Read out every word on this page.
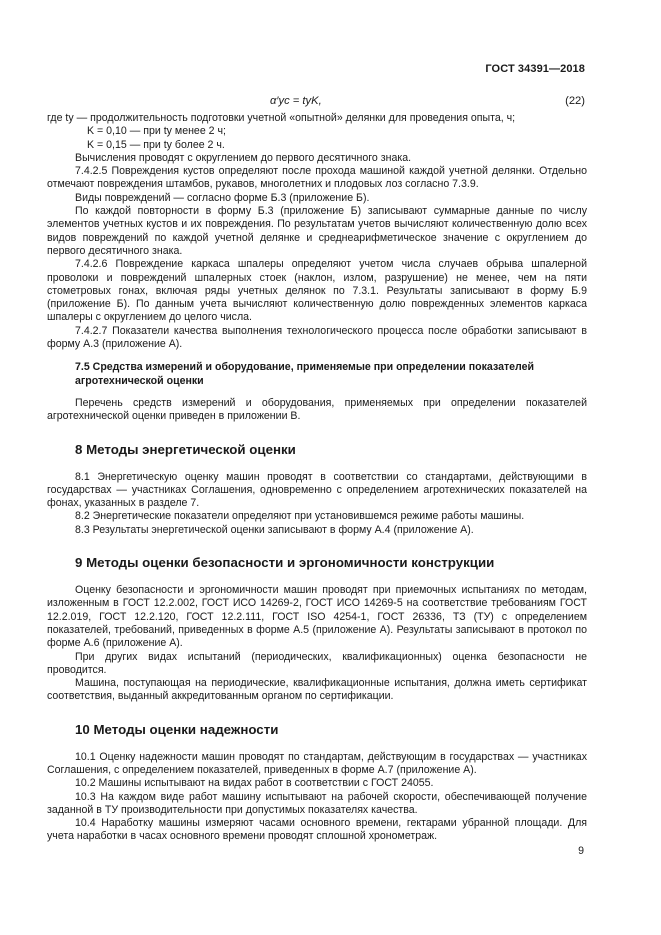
ГОСТ 34391—2018
α′ус = tуK,	(22)

где tу — продолжительность подготовки учетной «опытной» делянки для проведения опыта, ч;

K = 0,10 — при tу менее 2 ч;

K = 0,15 — при tу более 2 ч.

Вычисления проводят с округлением до первого десятичного знака.

7.4.2.5 Повреждения кустов определяют после прохода машиной каждой учетной делянки. Отдельно отмечают повреждения штамбов, рукавов, многолетних и плодовых лоз согласно 7.3.9.

Виды повреждений — согласно форме Б.3 (приложение Б).

По каждой повторности в форму Б.3 (приложение Б) записывают суммарные данные по числу элементов учетных кустов и их повреждения. По результатам учетов вычисляют количественную долю всех видов повреждений по каждой учетной делянке и среднеарифметическое значение с округлением до первого десятичного знака.

7.4.2.6 Повреждение каркаса шпалеры определяют учетом числа случаев обрыва шпалерной проволоки и повреждений шпалерных стоек (наклон, излом, разрушение) не менее, чем на пяти стометровых гонах, включая ряды учетных делянок по 7.3.1. Результаты записывают в форму Б.9 (приложение Б). По данным учета вычисляют количественную долю поврежденных элементов каркаса шпалеры с округлением до целого числа.

7.4.2.7 Показатели качества выполнения технологического процесса после обработки записывают в форму А.3 (приложение А).

7.5 Средства измерений и оборудование, применяемые при определении показателей агротехнической оценки

Перечень средств измерений и оборудования, применяемых при определении показателей агротехнической оценки приведен в приложении В.

8 Методы энергетической оценки

8.1 Энергетическую оценку машин проводят в соответствии со стандартами, действующими в государствах — участниках Соглашения, одновременно с определением агротехнических показателей на фонах, указанных в разделе 7.

8.2 Энергетические показатели определяют при установившемся режиме работы машины.

8.3 Результаты энергетической оценки записывают в форму А.4 (приложение А).

9 Методы оценки безопасности и эргономичности конструкции

Оценку безопасности и эргономичности машин проводят при приемочных испытаниях по методам, изложенным в ГОСТ 12.2.002, ГОСТ ИСО 14269-2, ГОСТ ИСО 14269-5 на соответствие требованиям ГОСТ 12.2.019, ГОСТ 12.2.120, ГОСТ 12.2.111, ГОСТ ISO 4254-1, ГОСТ 26336, ТЗ (ТУ) с определением показателей, требований, приведенных в форме А.5 (приложение А). Результаты записывают в протокол по форме А.6 (приложение А).

При других видах испытаний (периодических, квалификационных) оценка безопасности не проводится.

Машина, поступающая на периодические, квалификационные испытания, должна иметь сертификат соответствия, выданный аккредитованным органом по сертификации.

10 Методы оценки надежности

10.1 Оценку надежности машин проводят по стандартам, действующим в государствах — участниках Соглашения, с определением показателей, приведенных в форме А.7 (приложение А).

10.2 Машины испытывают на видах работ в соответствии с ГОСТ 24055.

10.3 На каждом виде работ машину испытывают на рабочей скорости, обеспечивающей получение заданной в ТУ производительности при допустимых показателях качества.

10.4 Наработку машины измеряют часами основного времени, гектарами убранной площади. Для учета наработки в часах основного времени проводят сплошной хронометраж.

9
